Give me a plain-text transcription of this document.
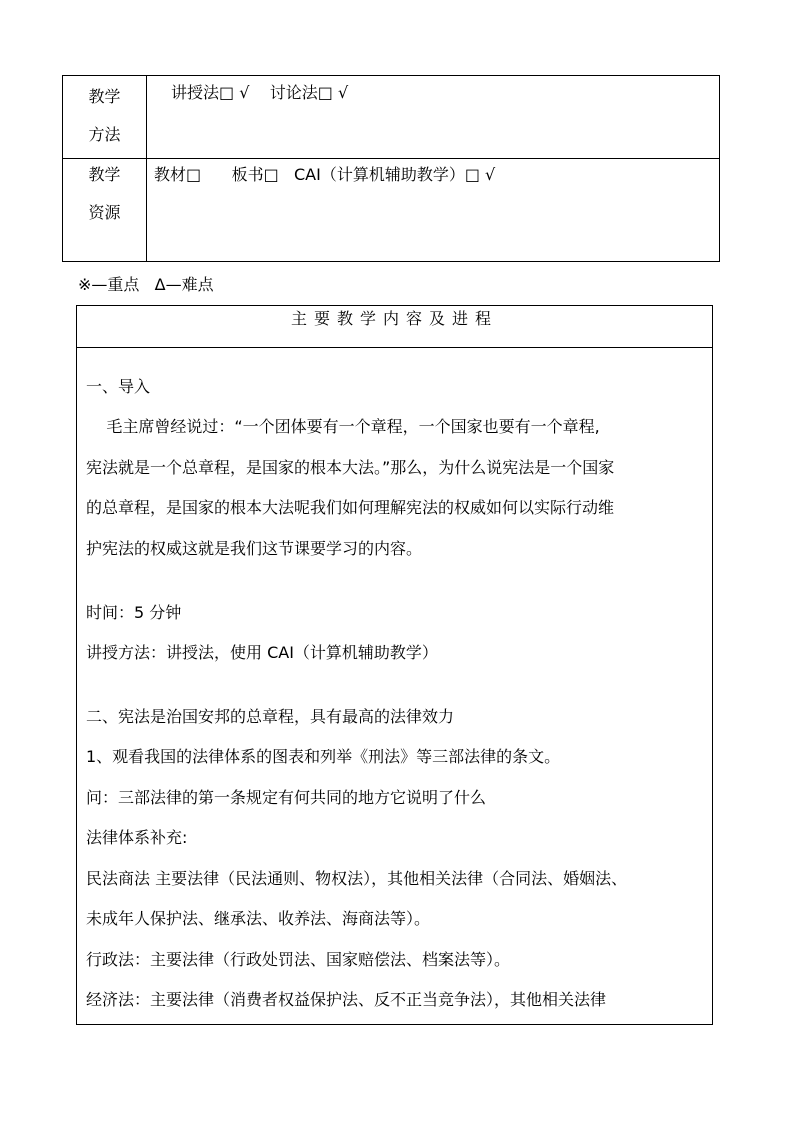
教学
方法
讲授法□ √    讨论法□ √
教学
资源
教材□      板书□   CAI（计算机辅助教学）□ √
※—重点   Δ—难点
主要教学内容及进程
一、导入
毛主席曾经说过：“一个团体要有一个章程，一个国家也要有一个章程,
宪法就是一个总章程，是国家的根本大法。”那么，为什么说宪法是一个国家
的总章程，是国家的根本大法呢我们如何理解宪法的权威如何以实际行动维
护宪法的权威这就是我们这节课要学习的内容。
时间：5 分钟
讲授方法：讲授法，使用 CAI（计算机辅助教学）
二、宪法是治国安邦的总章程，具有最高的法律效力
1、观看我国的法律体系的图表和列举《刑法》等三部法律的条文。
问：三部法律的第一条规定有何共同的地方它说明了什么
法律体系补充:
民法商法 主要法律（民法通则、物权法），其他相关法律（合同法、婚姻法、
未成年人保护法、继承法、收养法、海商法等）。
行政法：主要法律（行政处罚法、国家赔偿法、档案法等）。
经济法：主要法律（消费者权益保护法、反不正当竞争法），其他相关法律
